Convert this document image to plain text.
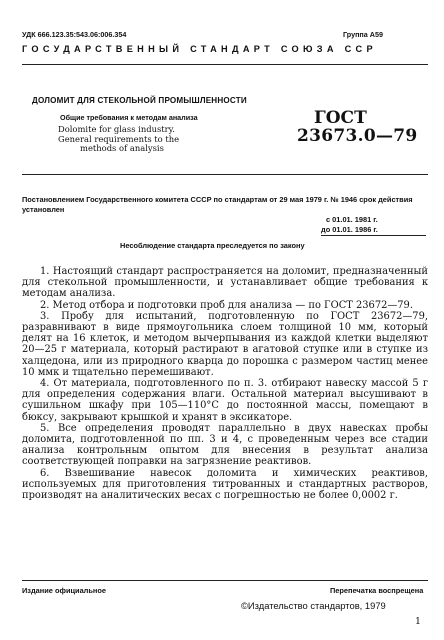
УДК 666.123.35:543.06:006.354	Группа А59
ГОСУДАРСТВЕННЫЙ СТАНДАРТ СОЮЗА ССР
ДОЛОМИТ ДЛЯ СТЕКОЛЬНОЙ ПРОМЫШЛЕННОСТИ
Общие требования к методам анализа
Dolomite for glass industry.
General requirements to the
methods of analysis
ГОСТ
23673.0—79
Постановлением Государственного комитета СССР по стандартам от 29 мая 1979 г. № 1946 срок действия установлен
с 01.01. 1981 г.
до 01.01. 1986 г.
Несоблюдение стандарта преследуется по закону

1. Настоящий стандарт распространяется на доломит, предназначенный для стекольной промышленности, и устанавливает общие требования к методам анализа.

2. Метод отбора и подготовки проб для анализа — по ГОСТ 23672—79.

3. Пробу для испытаний, подготовленную по ГОСТ 23672—79, разравнивают в виде прямоугольника слоем толщиной 10 мм, который делят на 16 клеток, и методом вычерпывания из каждой клетки выделяют 20—25 г материала, который растирают в агатовой ступке или в ступке из халцедона, или из природного кварца до порошка с размером частиц менее 10 ммк и тщательно перемешивают.

4. От материала, подготовленного по п. 3. отбирают навеску массой 5 г для определения содержания влаги. Остальной материал высушивают в сушильном шкафу при 105—110°С до постоянной массы, помещают в бюксу, закрывают крышкой и хранят в эксикаторе.

5. Все определения проводят параллельно в двух навесках пробы доломита, подготовленной по пп. 3 и 4, с проведенным через все стадии анализа контрольным опытом для внесения в результат анализа соответствующей поправки на загрязнение реактивов.

6. Взвешивание навесок доломита и химических реактивов, используемых для приготовления титрованных и стандартных растворов, производят на аналитических весах с погрешностью не более 0,0002 г.

Издание официальное	Перепечатка воспрещена
©Издательство стандартов, 1979
1
